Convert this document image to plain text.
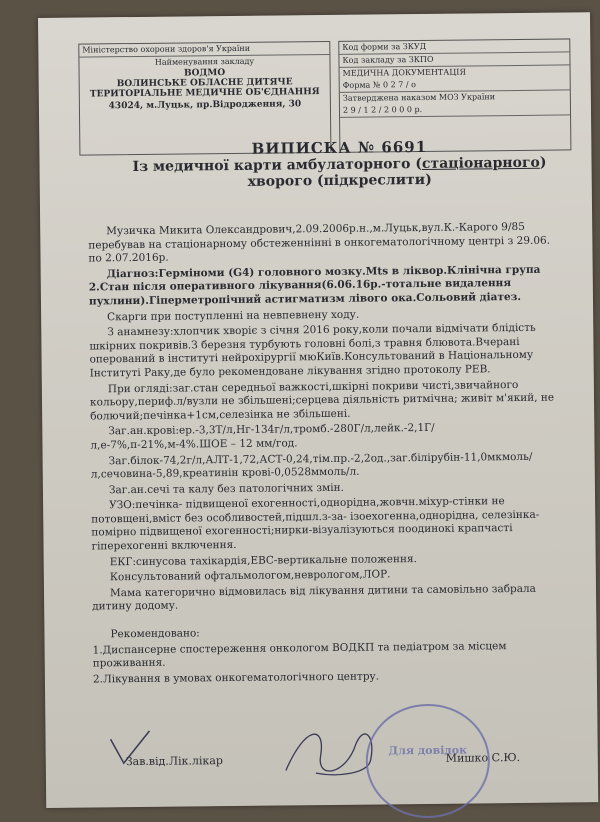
Міністерство охорони здоров'я України
Найменування закладу
ВОДМО
ВОЛИНСЬКЕ ОБЛАСНЕ ДИТЯЧЕ ТЕРИТОРІАЛЬНЕ МЕДИЧНЕ ОБ'ЄДНАННЯ
43024, м.Луцьк, пр.Відродження, 30
Код форми за ЗКУД
Код закладу за ЗКПО
МЕДИЧНА ДОКУМЕНТАЦІЯ
Форма № 0 2 7 / о
Затверджена наказом МОЗ України
2 9 / 1 2 / 2 0 0 0 р.
ВИПИСКА № 6691
Із медичної карти амбулаторного (стаціонарного)
хворого (підкреслити)

Музичка Микита Олександрович,2.09.2006р.н.,м.Луцьк,вул.К.-Карого 9/85 перебував на стаціонарному обстеженнінні в онкогематологічному центрі з 29.06. по 2.07.2016р.

Діагноз:Герміноми (G4) головного мозку.Mts в ліквор.Клінічна група 2.Стан після оперативного лікування(6.06.16р.-тотальне видалення пухлини).Гіперметропічний астигматизм лівого ока.Сольовий діатез.

Скарги при поступленні на невпевнену ходу.

З анамнезу:хлопчик хворіє з січня 2016 року,коли почали відмічати блідість шкірних покривів.З березня турбують головні болі,з травня блювота.Вчерані оперований в інституті нейрохірургії мюКиїв.Консультований в Національному Інституті Раку,де було рекомендоване лікування згідно протоколу PEB.

При огляді:заг.стан середньої важкості,шкірні покриви чисті,звичайного кольору,периф.л/вузли не збільшені;серцева діяльність ритмічна; живіт м'який, не болючий;печінка+1см,селезінка не збільшені.

Заг.ан.крові:ер.-3,3Т/л,Hг-134г/л,тромб.-280Г/л,лейк.-2,1Г/л,е-7%,п-21%,м-4%.ШОЕ – 12 мм/год.

Заг.білок-74,2г/л,АЛТ-1,72,АСТ-0,24,тім.пр.-2,2од.,заг.білірубін-11,0мкмоль/л,сечовина-5,89,креатинін крові-0,0528ммоль/л.

Заг.ан.сечі та калу без патологічних змін.

УЗО:печінка- підвищеної ехогенності,однорідна,жовчн.міхур-стінки не потовщені,вміст без особливостей,підшл.з-за- ізоехогенна,однорідна, селезінка-помірно підвищеної ехогенності;нирки-візуалізуються поодинокі крапчасті гіперехогенні включення.

ЕКГ:синусова тахікардія,ЕВС-вертикальне положення.

Консультований офтальмологом,неврологом,ЛОР.

Мама категорично відмовилась від лікування дитини та самовільно забрала дитину додому.

Рекомендовано:

1.Диспансерне спостереження онкологом ВОДКП та педіатром за місцем проживання.

2.Лікування в умовах онкогематологічного центру.

Зав.від.Лік.лікар	Мишко С.Ю.
Для довідок
